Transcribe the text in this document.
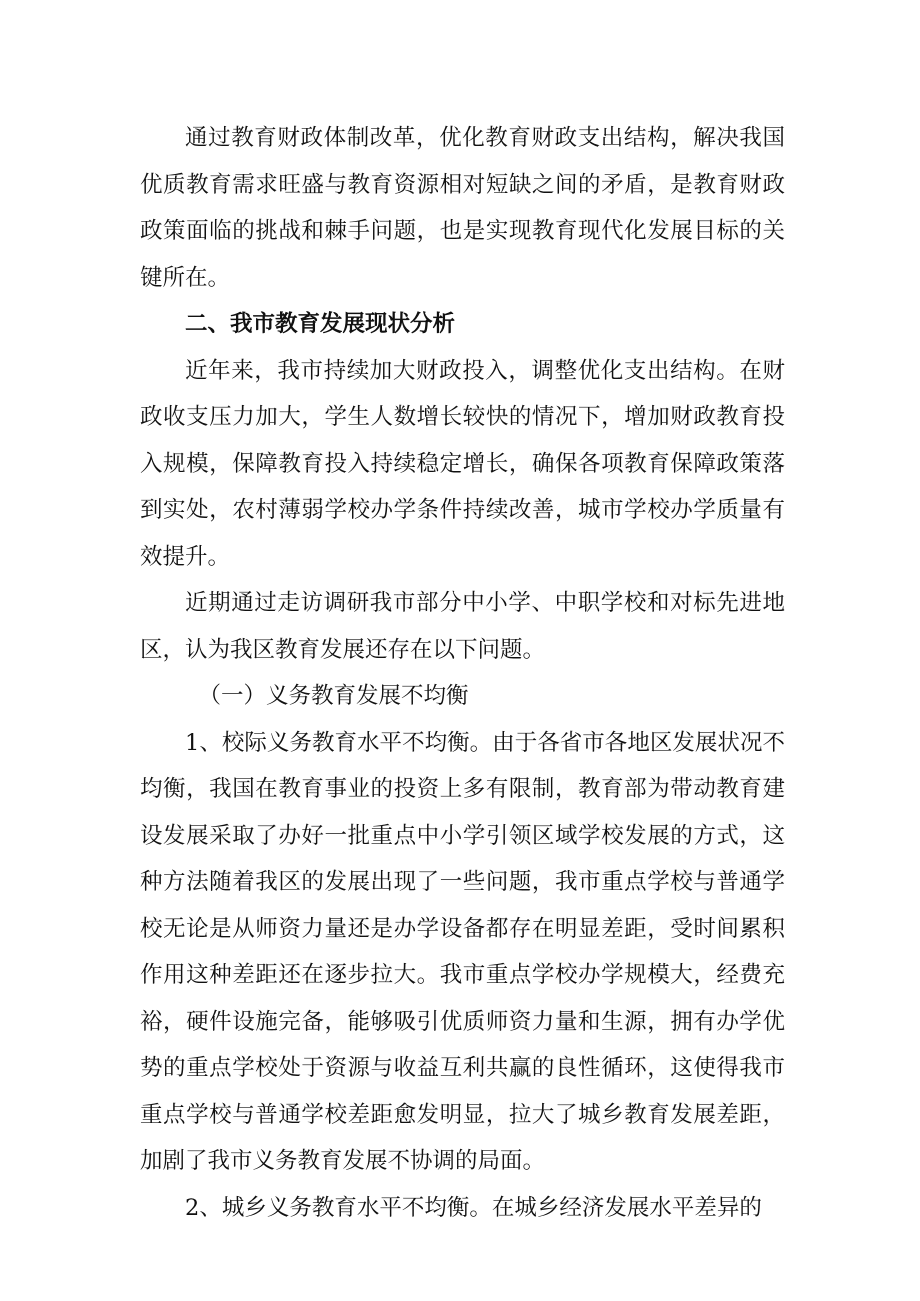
通过教育财政体制改革，优化教育财政支出结构，解决我国优质教育需求旺盛与教育资源相对短缺之间的矛盾，是教育财政政策面临的挑战和棘手问题，也是实现教育现代化发展目标的关键所在。

二、我市教育发展现状分析

近年来，我市持续加大财政投入，调整优化支出结构。在财政收支压力加大，学生人数增长较快的情况下，增加财政教育投入规模，保障教育投入持续稳定增长，确保各项教育保障政策落到实处，农村薄弱学校办学条件持续改善，城市学校办学质量有效提升。

近期通过走访调研我市部分中小学、中职学校和对标先进地区，认为我区教育发展还存在以下问题。

（一）义务教育发展不均衡

1、校际义务教育水平不均衡。由于各省市各地区发展状况不均衡，我国在教育事业的投资上多有限制，教育部为带动教育建设发展采取了办好一批重点中小学引领区域学校发展的方式，这种方法随着我区的发展出现了一些问题，我市重点学校与普通学校无论是从师资力量还是办学设备都存在明显差距，受时间累积作用这种差距还在逐步拉大。我市重点学校办学规模大，经费充裕，硬件设施完备，能够吸引优质师资力量和生源，拥有办学优势的重点学校处于资源与收益互利共赢的良性循环，这使得我市重点学校与普通学校差距愈发明显，拉大了城乡教育发展差距，加剧了我市义务教育发展不协调的局面。

2、城乡义务教育水平不均衡。在城乡经济发展水平差异的
